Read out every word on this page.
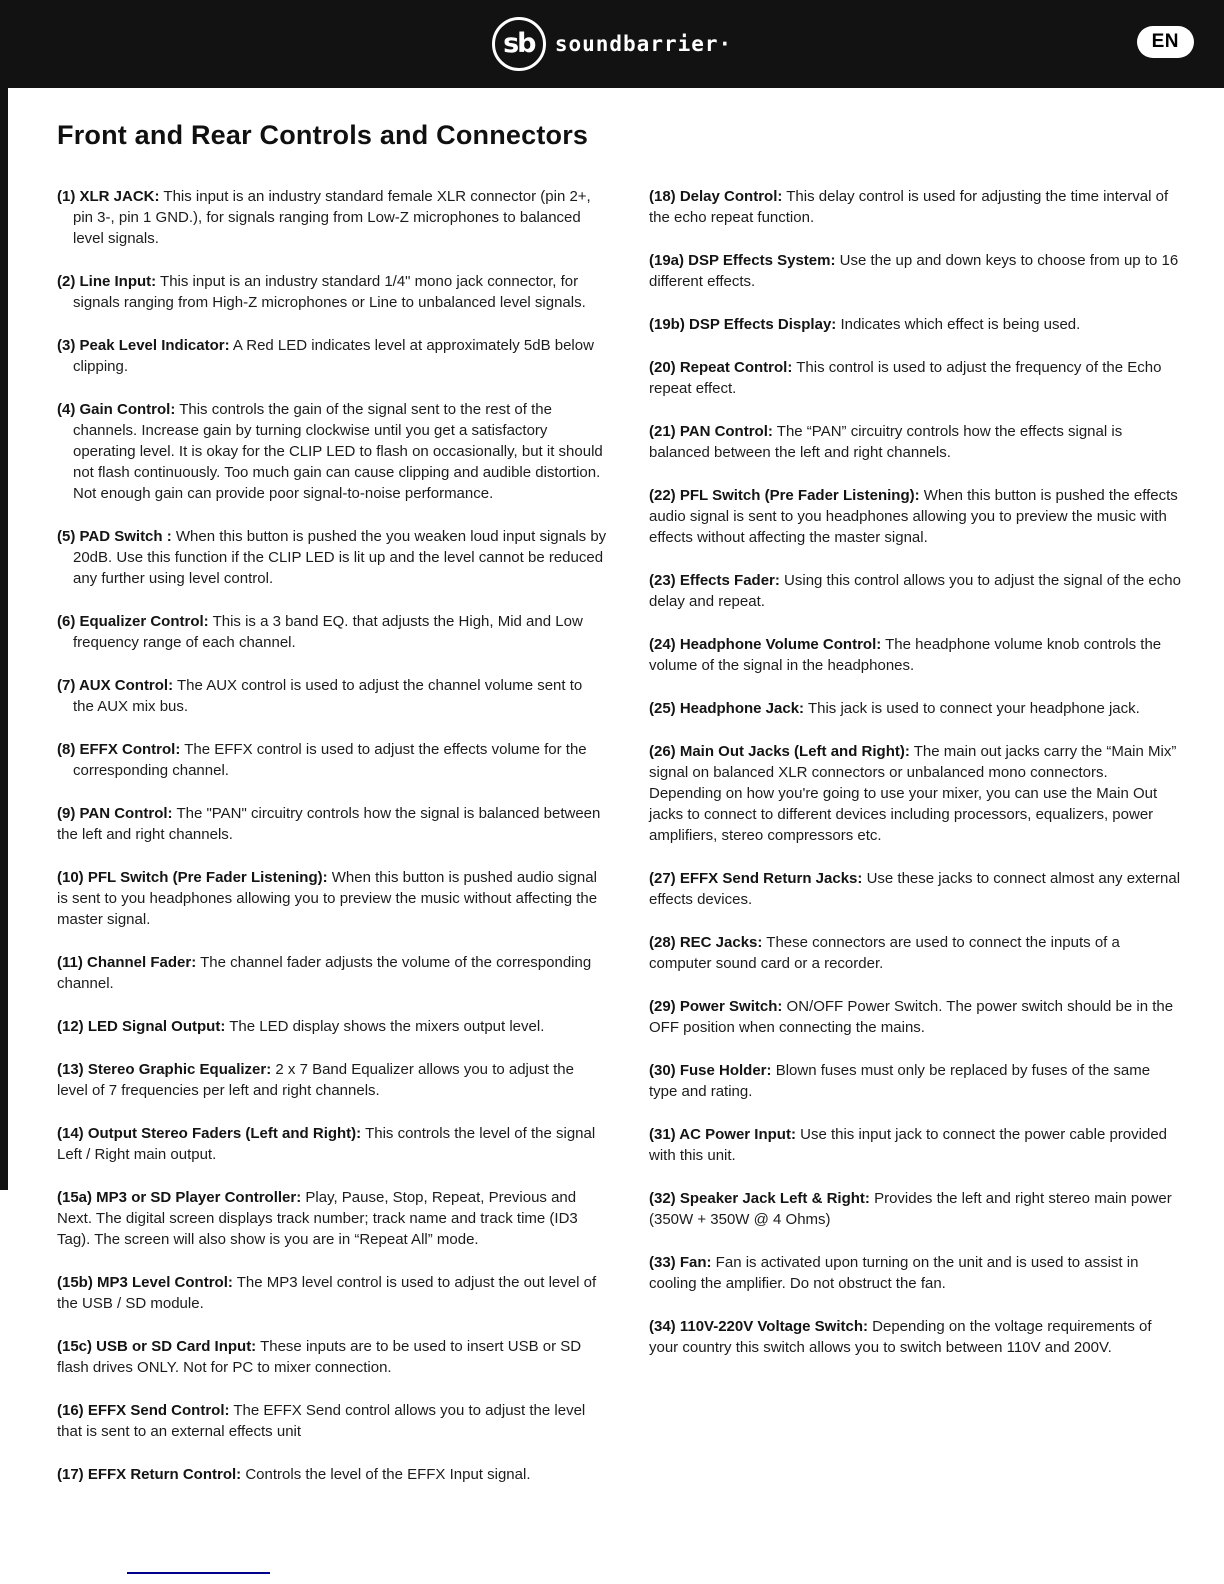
sb soundbarrier·	EN
Front and Rear Controls and Connectors

(1) XLR JACK: This input is an industry standard female XLR connector (pin 2+, pin 3-, pin 1 GND.), for signals ranging from Low-Z microphones to balanced level signals.

(2) Line Input: This input is an industry standard 1/4" mono jack connector, for signals ranging from High-Z microphones or Line to unbalanced level signals.

(3) Peak Level Indicator: A Red LED indicates level at approximately 5dB below clipping.

(4) Gain Control: This controls the gain of the signal sent to the rest of the channels. Increase gain by turning clockwise until you get a satisfactory operating level. It is okay for the CLIP LED to flash on occasionally, but it should not flash continuously. Too much gain can cause clipping and audible distortion. Not enough gain can provide poor signal-to-noise performance.

(5) PAD Switch : When this button is pushed the you weaken loud input signals by 20dB. Use this function if the CLIP LED is lit up and the level cannot be reduced any further using level control.

(6) Equalizer Control: This is a 3 band EQ. that adjusts the High, Mid and Low frequency range of each channel.

(7) AUX Control: The AUX control is used to adjust the channel volume sent to the AUX mix bus.

(8) EFFX Control: The EFFX control is used to adjust the effects volume for the corresponding channel.

(9) PAN Control: The "PAN" circuitry controls how the signal is balanced between the left and right channels.

(10) PFL Switch (Pre Fader Listening): When this button is pushed audio signal is sent to you headphones allowing you to preview the music without affecting the master signal.

(11) Channel Fader: The channel fader adjusts the volume of the corresponding channel.

(12) LED Signal Output: The LED display shows the mixers output level.

(13) Stereo Graphic Equalizer: 2 x 7 Band Equalizer allows you to adjust the level of 7 frequencies per left and right channels.

(14) Output Stereo Faders (Left and Right): This controls the level of the signal Left / Right main output.

(15a) MP3 or SD Player Controller: Play, Pause, Stop, Repeat, Previous and Next. The digital screen displays track number; track name and track time (ID3 Tag). The screen will also show is you are in “Repeat All” mode.

(15b) MP3 Level Control: The MP3 level control is used to adjust the out level of the USB / SD module.

(15c) USB or SD Card Input: These inputs are to be used to insert USB or SD flash drives ONLY. Not for PC to mixer connection.

(16) EFFX Send Control: The EFFX Send control allows you to adjust the level that is sent to an external effects unit

(17) EFFX Return Control: Controls the level of the EFFX Input signal.

(18) Delay Control: This delay control is used for adjusting the time interval of the echo repeat function.

(19a) DSP Effects System: Use the up and down keys to choose from up to 16 different effects.

(19b) DSP Effects Display: Indicates which effect is being used.

(20) Repeat Control: This control is used to adjust the frequency of the Echo repeat effect.

(21) PAN Control: The “PAN” circuitry controls how the effects signal is balanced between the left and right channels.

(22) PFL Switch (Pre Fader Listening): When this button is pushed the effects audio signal is sent to you headphones allowing you to preview the music with effects without affecting the master signal.

(23) Effects Fader: Using this control allows you to adjust the signal of the echo delay and repeat.

(24) Headphone Volume Control: The headphone volume knob controls the volume of the signal in the headphones.

(25) Headphone Jack: This jack is used to connect your headphone jack.

(26) Main Out Jacks (Left and Right): The main out jacks carry the “Main Mix” signal on balanced XLR connectors or unbalanced mono connectors. Depending on how you're going to use your mixer, you can use the Main Out jacks to connect to different devices including processors, equalizers, power amplifiers, stereo compressors etc.

(27) EFFX Send Return Jacks: Use these jacks to connect almost any external effects devices.

(28) REC Jacks: These connectors are used to connect the inputs of a computer sound card or a recorder.

(29) Power Switch: ON/OFF Power Switch. The power switch should be in the OFF position when connecting the mains.

(30) Fuse Holder: Blown fuses must only be replaced by fuses of the same type and rating.

(31) AC Power Input: Use this input jack to connect the power cable provided with this unit.

(32) Speaker Jack Left & Right: Provides the left and right stereo main power (350W + 350W @ 4 Ohms)

(33) Fan: Fan is activated upon turning on the unit and is used to assist in cooling the amplifier. Do not obstruct the fan.

(34) 110V-220V Voltage Switch: Depending on the voltage requirements of your country this switch allows you to switch between 110V and 200V.
